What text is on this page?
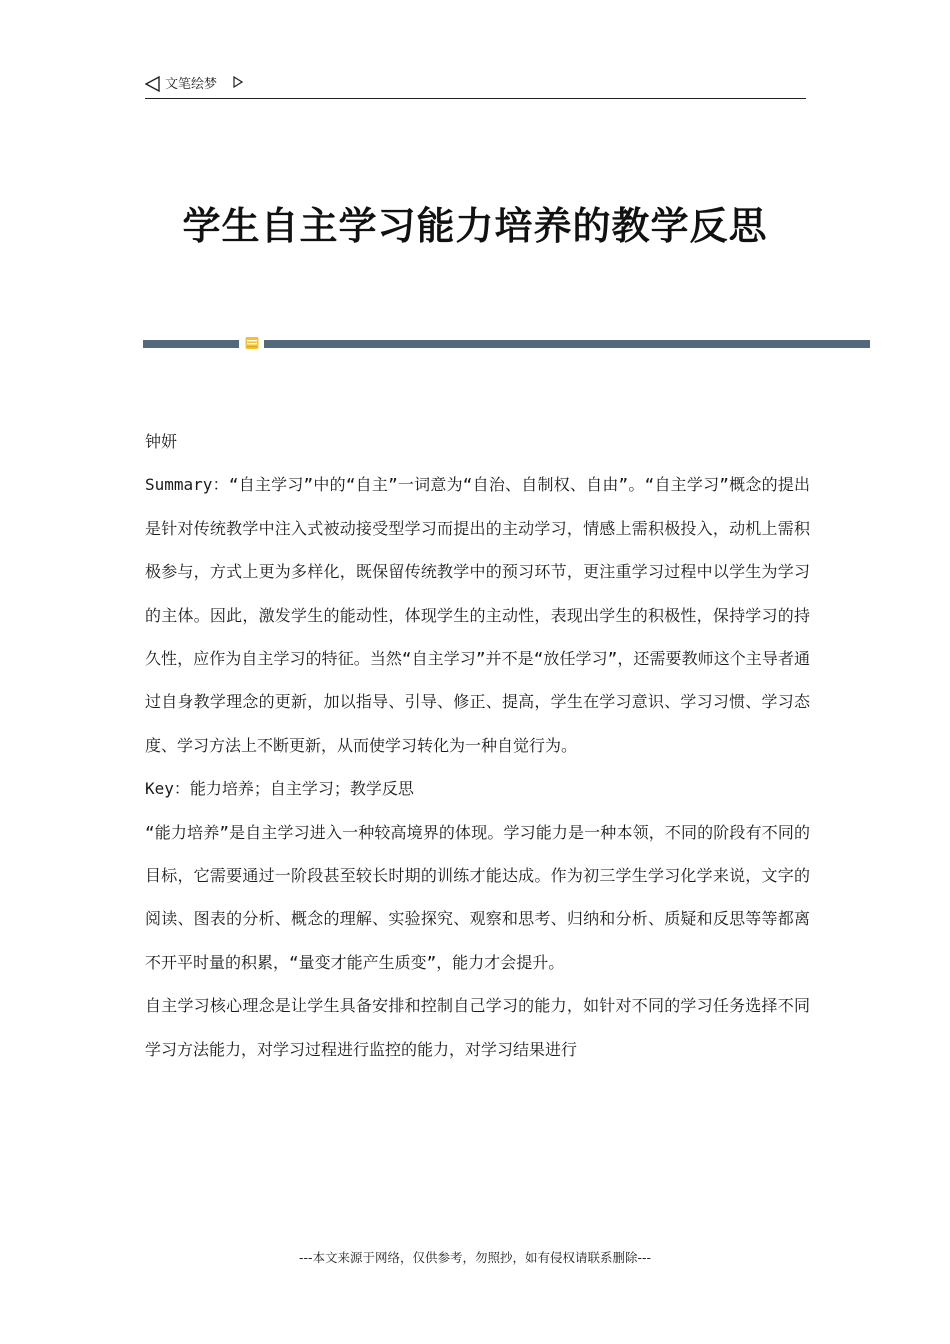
文笔绘梦
学生自主学习能力培养的教学反思

钟妍

Summary：“自主学习”中的“自主”一词意为“自治、自制权、自由”。“自主学习”概念的提出是针对传统教学中注入式被动接受型学习而提出的主动学习，情感上需积极投入，动机上需积极参与，方式上更为多样化，既保留传统教学中的预习环节，更注重学习过程中以学生为学习的主体。因此，激发学生的能动性，体现学生的主动性，表现出学生的积极性，保持学习的持久性，应作为自主学习的特征。当然“自主学习”并不是“放任学习”，还需要教师这个主导者通过自身教学理念的更新，加以指导、引导、修正、提高，学生在学习意识、学习习惯、学习态度、学习方法上不断更新，从而使学习转化为一种自觉行为。

Key：能力培养；自主学习；教学反思

“能力培养”是自主学习进入一种较高境界的体现。学习能力是一种本领，不同的阶段有不同的目标，它需要通过一阶段甚至较长时期的训练才能达成。作为初三学生学习化学来说，文字的阅读、图表的分析、概念的理解、实验探究、观察和思考、归纳和分析、质疑和反思等等都离不开平时量的积累，“量变才能产生质变”，能力才会提升。

自主学习核心理念是让学生具备安排和控制自己学习的能力，如针对不同的学习任务选择不同学习方法能力，对学习过程进行监控的能力，对学习结果进行

---本文来源于网络，仅供参考，勿照抄，如有侵权请联系删除---
